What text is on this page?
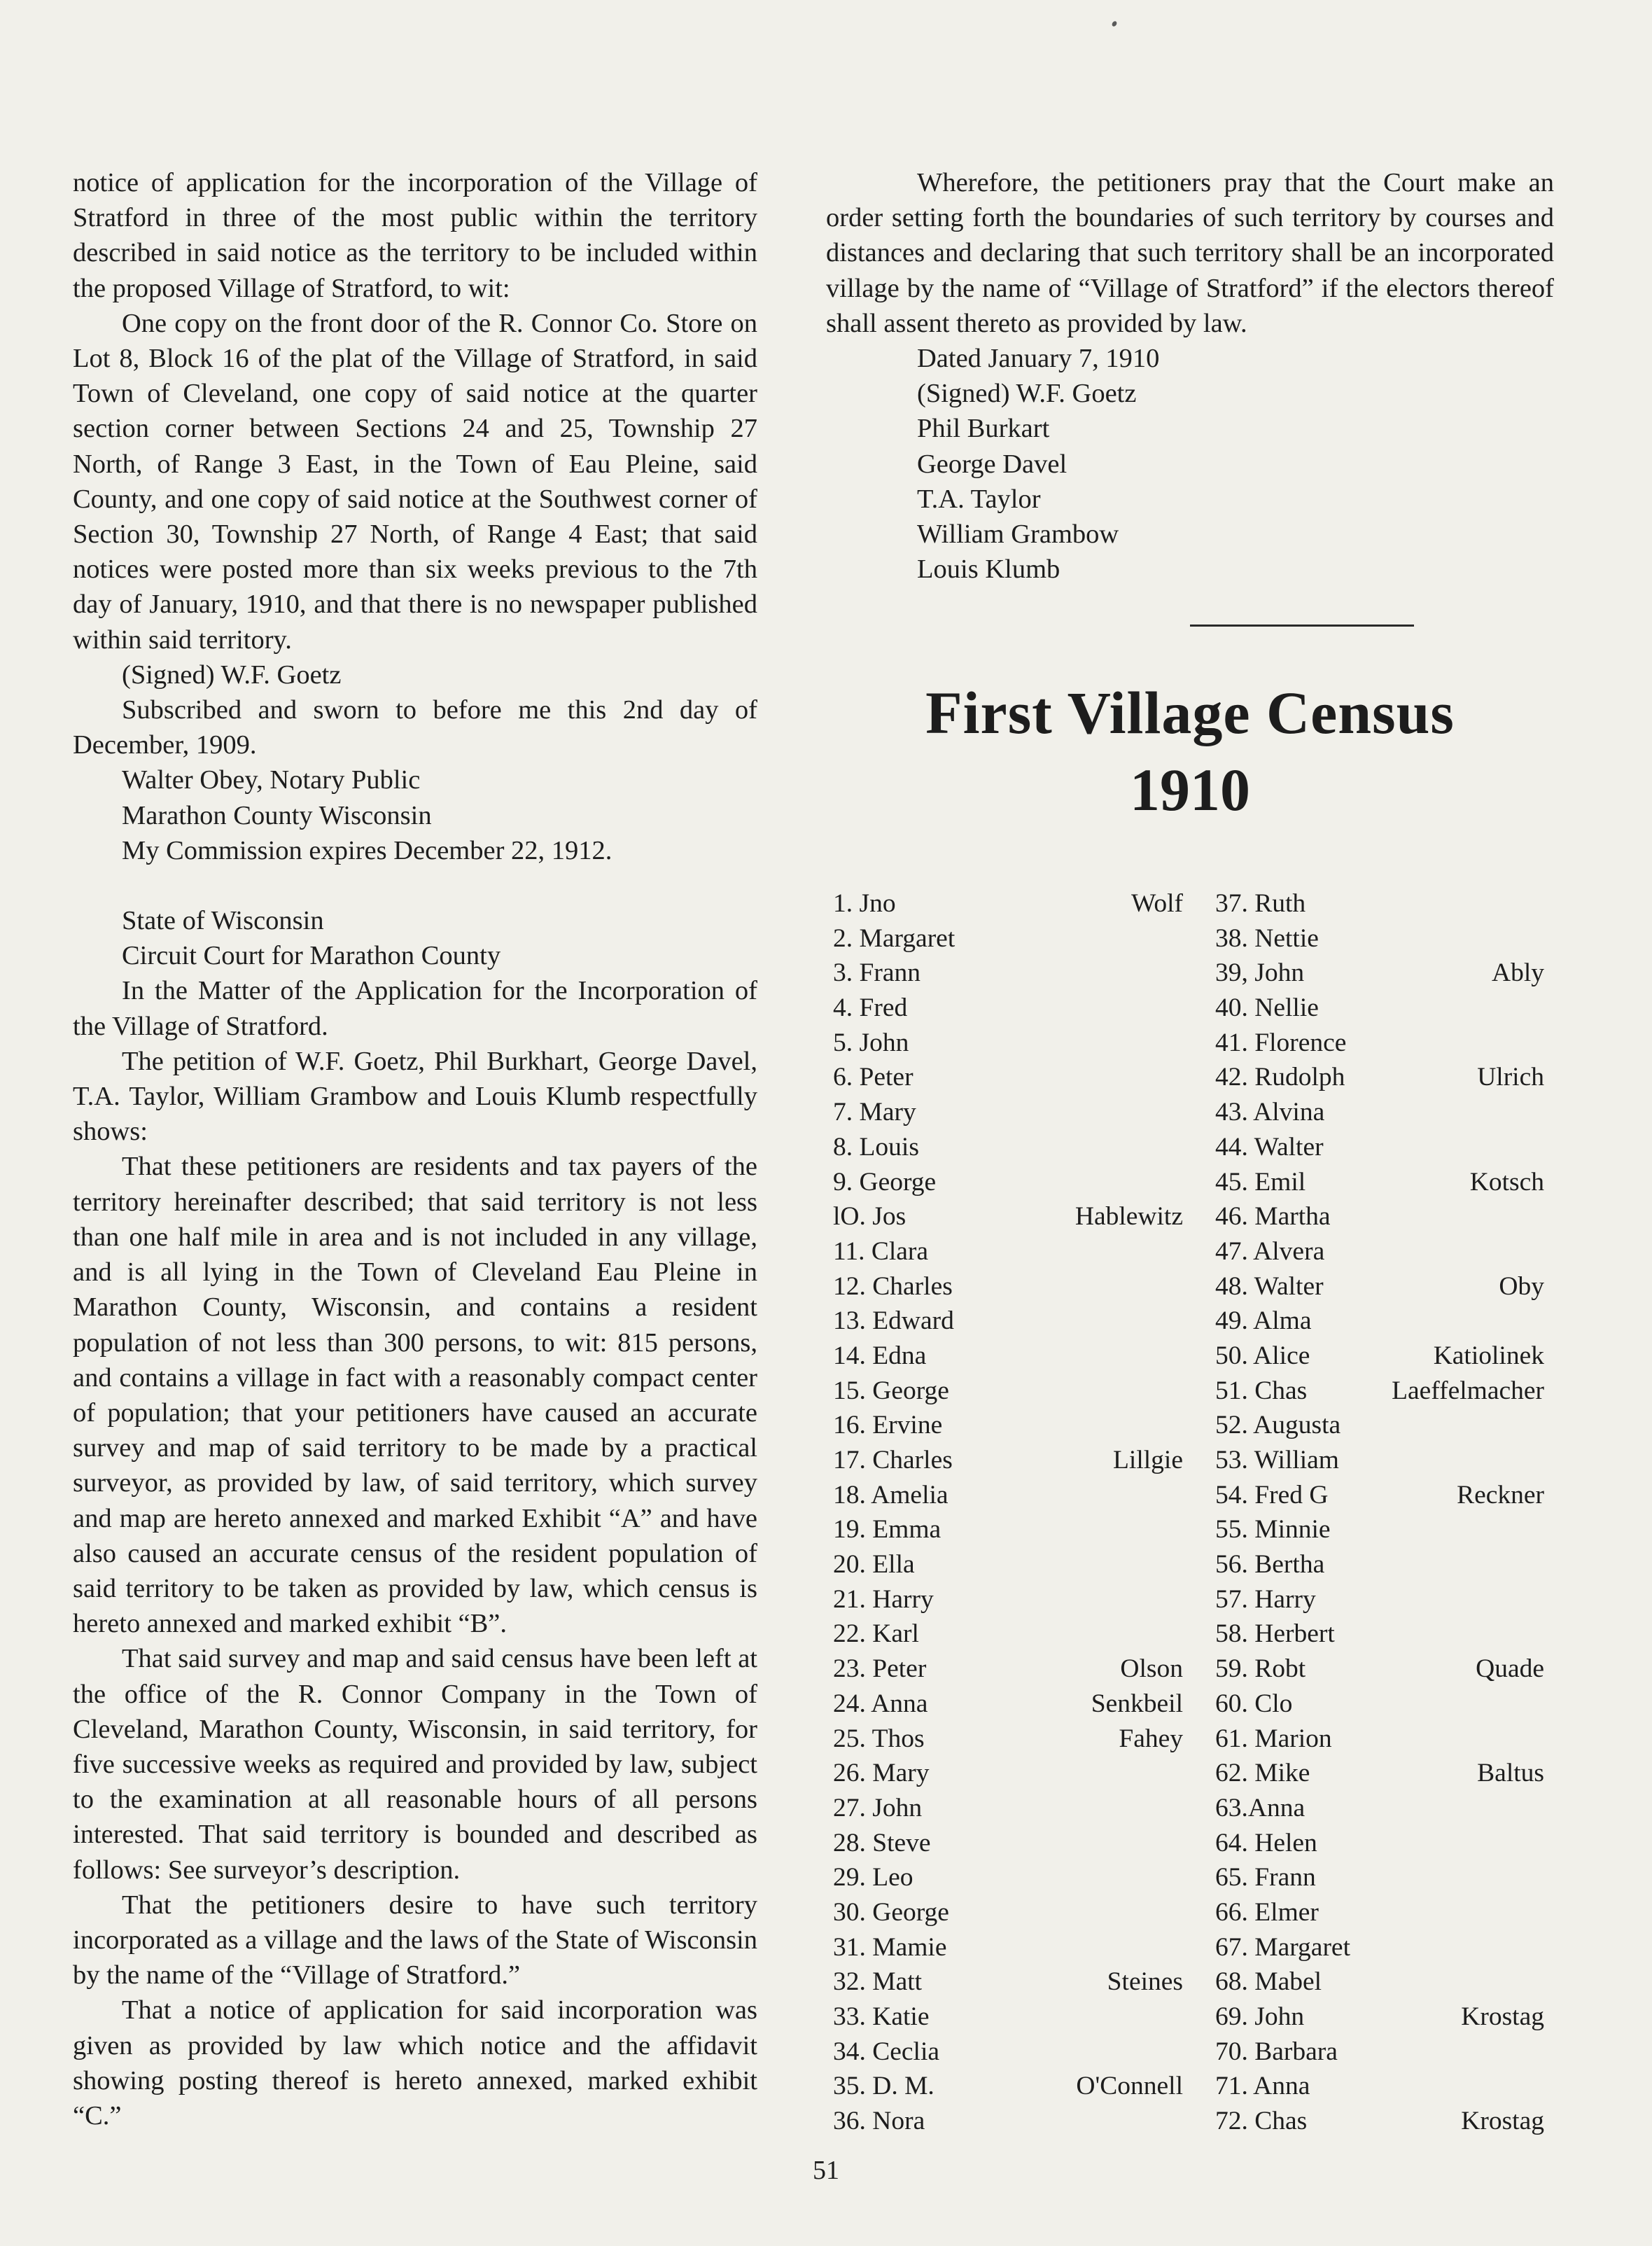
notice of application for the incorporation of the Village of Stratford in three of the most public within the territory described in said notice as the territory to be included within the proposed Village of Stratford, to wit:

One copy on the front door of the R. Connor Co. Store on Lot 8, Block 16 of the plat of the Village of Stratford, in said Town of Cleveland, one copy of said notice at the quarter section corner between Sections 24 and 25, Township 27 North, of Range 3 East, in the Town of Eau Pleine, said County, and one copy of said notice at the Southwest corner of Section 30, Township 27 North, of Range 4 East; that said notices were posted more than six weeks previous to the 7th day of January, 1910, and that there is no newspaper published within said territory.

(Signed) W.F. Goetz

Subscribed and sworn to before me this 2nd day of December, 1909.

Walter Obey, Notary Public

Marathon County Wisconsin

My Commission expires December 22, 1912.

State of Wisconsin

Circuit Court for Marathon County

In the Matter of the Application for the Incorporation of the Village of Stratford.

The petition of W.F. Goetz, Phil Burkhart, George Davel, T.A. Taylor, William Grambow and Louis Klumb respectfully shows:

That these petitioners are residents and tax payers of the territory hereinafter described; that said territory is not less than one half mile in area and is not included in any village, and is all lying in the Town of Cleveland Eau Pleine in Marathon County, Wisconsin, and contains a resident population of not less than 300 persons, to wit: 815 persons, and contains a village in fact with a reasonably compact center of population; that your petitioners have caused an accurate survey and map of said territory to be made by a practical surveyor, as provided by law, of said territory, which survey and map are hereto annexed and marked Exhibit “A” and have also caused an accurate census of the resident population of said territory to be taken as provided by law, which census is hereto annexed and marked exhibit “B”.

That said survey and map and said census have been left at the office of the R. Connor Company in the Town of Cleveland, Marathon County, Wisconsin, in said territory, for five successive weeks as required and provided by law, subject to the examination at all reasonable hours of all persons interested. That said territory is bounded and described as follows: See surveyor’s description.

That the petitioners desire to have such territory incorporated as a village and the laws of the State of Wisconsin by the name of the “Village of Stratford.”

That a notice of application for said incorporation was given as provided by law which notice and the affidavit showing posting thereof is hereto annexed, marked exhibit “C.”

Wherefore, the petitioners pray that the Court make an order setting forth the boundaries of such territory by courses and distances and declaring that such territory shall be an incorporated village by the name of “Village of Stratford” if the electors thereof shall assent thereto as provided by law.

Dated January 7, 1910

(Signed) W.F. Goetz

Phil Burkart

George Davel

T.A. Taylor

William Grambow

Louis Klumb

First Village Census
1910
1. Jno	Wolf
2. Margaret
3. Frann
4. Fred
5. John
6. Peter
7. Mary
8. Louis
9. George
lO. Jos	Hablewitz
11. Clara
12. Charles
13. Edward
14. Edna
15. George
16. Ervine
17. Charles	Lillgie
18. Amelia
19. Emma
20. Ella
21. Harry
22. Karl
23. Peter	Olson
24. Anna	Senkbeil
25. Thos	Fahey
26. Mary
27. John
28. Steve
29. Leo
30. George
31. Mamie
32. Matt	Steines
33. Katie
34. Ceclia
35. D. M.	O'Connell
36. Nora
37. Ruth
38. Nettie
39, John	Ably
40. Nellie
41. Florence
42. Rudolph	Ulrich
43. Alvina
44. Walter
45. Emil	Kotsch
46. Martha
47. Alvera
48. Walter	Oby
49. Alma
50. Alice	Katiolinek
51. Chas	Laeffelmacher
52. Augusta
53. William
54. Fred G	Reckner
55. Minnie
56. Bertha
57. Harry
58. Herbert
59. Robt	Quade
60. Clo
61. Marion
62. Mike	Baltus
63.Anna
64. Helen
65. Frann
66. Elmer
67. Margaret
68. Mabel
69. John	Krostag
70. Barbara
71. Anna
72. Chas	Krostag
51
